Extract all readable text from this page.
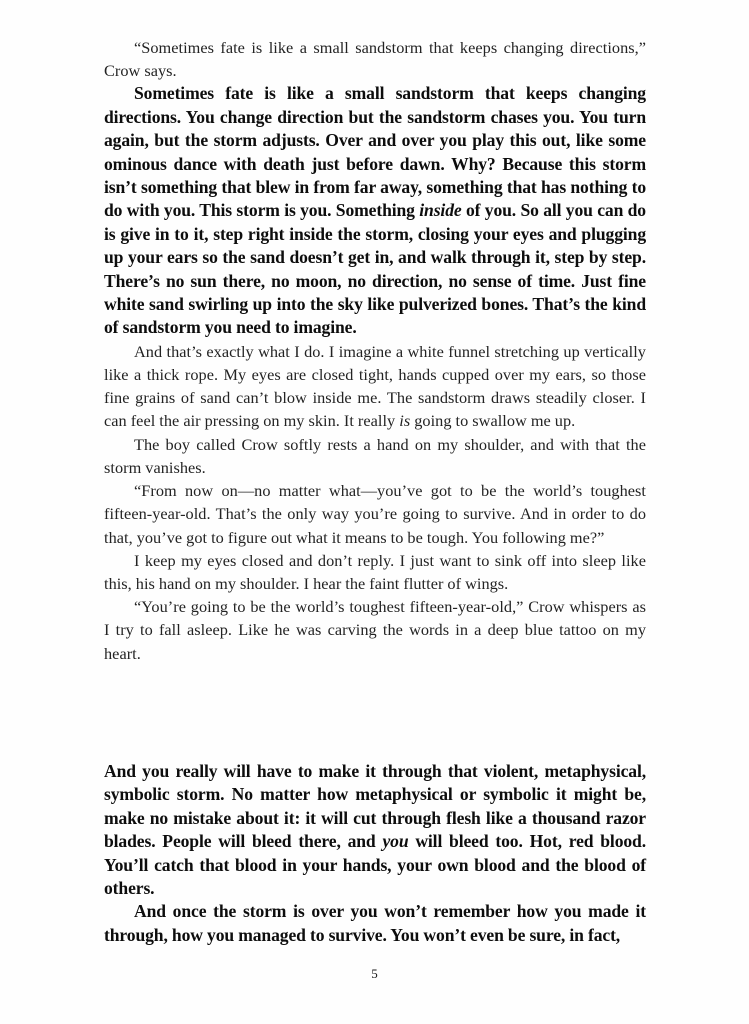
“Sometimes fate is like a small sandstorm that keeps changing directions,” Crow says.

Sometimes fate is like a small sandstorm that keeps changing directions. You change direction but the sandstorm chases you. You turn again, but the storm adjusts. Over and over you play this out, like some ominous dance with death just before dawn. Why? Because this storm isn’t something that blew in from far away, something that has nothing to do with you. This storm is you. Something inside of you. So all you can do is give in to it, step right inside the storm, closing your eyes and plugging up your ears so the sand doesn’t get in, and walk through it, step by step. There’s no sun there, no moon, no direction, no sense of time. Just fine white sand swirling up into the sky like pulverized bones. That’s the kind of sandstorm you need to imagine.

And that’s exactly what I do. I imagine a white funnel stretching up vertically like a thick rope. My eyes are closed tight, hands cupped over my ears, so those fine grains of sand can’t blow inside me. The sandstorm draws steadily closer. I can feel the air pressing on my skin. It really is going to swallow me up.

The boy called Crow softly rests a hand on my shoulder, and with that the storm vanishes.

“From now on—no matter what—you’ve got to be the world’s toughest fifteen-year-old. That’s the only way you’re going to survive. And in order to do that, you’ve got to figure out what it means to be tough. You following me?”

I keep my eyes closed and don’t reply. I just want to sink off into sleep like this, his hand on my shoulder. I hear the faint flutter of wings.

“You’re going to be the world’s toughest fifteen-year-old,” Crow whispers as I try to fall asleep. Like he was carving the words in a deep blue tattoo on my heart.

And you really will have to make it through that violent, metaphysical, symbolic storm. No matter how metaphysical or symbolic it might be, make no mistake about it: it will cut through flesh like a thousand razor blades. People will bleed there, and you will bleed too. Hot, red blood. You’ll catch that blood in your hands, your own blood and the blood of others.

And once the storm is over you won’t remember how you made it through, how you managed to survive. You won’t even be sure, in fact,

5
